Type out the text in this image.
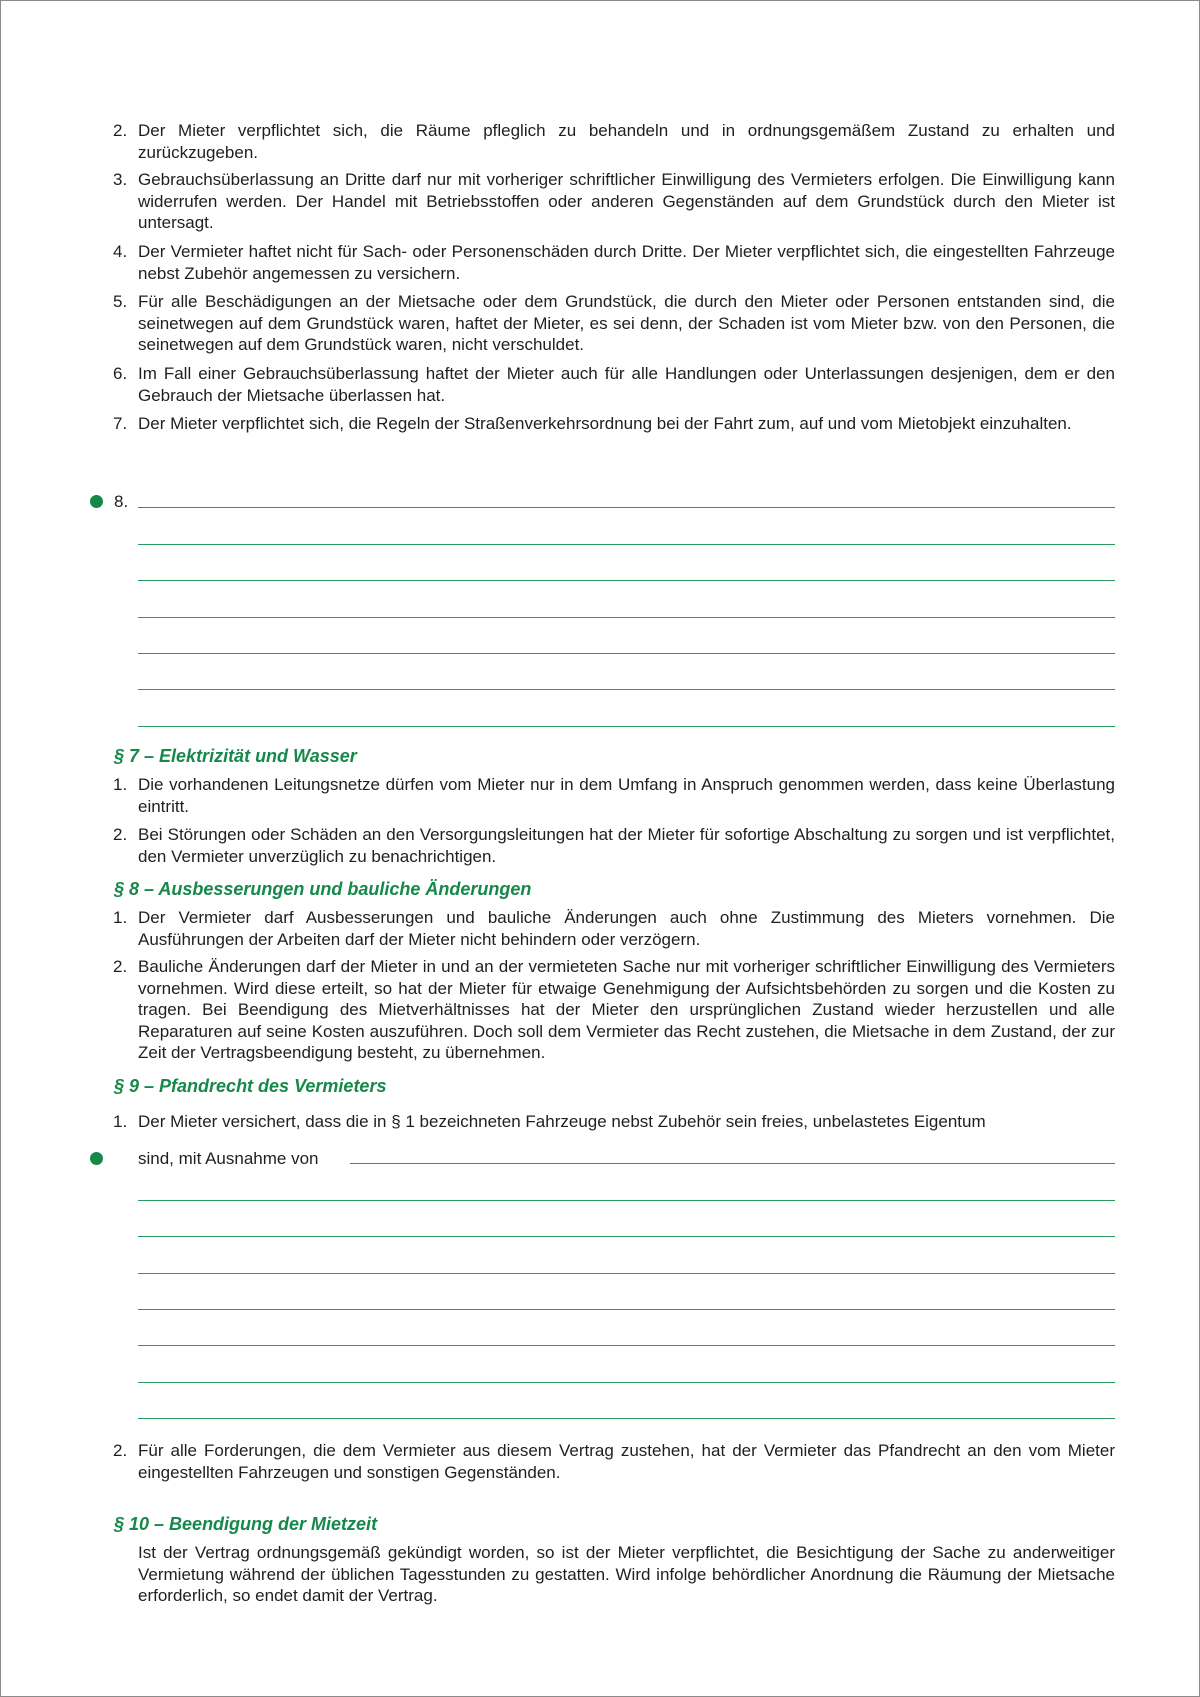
2. Der Mieter verpflichtet sich, die Räume pfleglich zu behandeln und in ordnungsgemäßem Zustand zu erhalten und zurückzugeben.
3. Gebrauchsüberlassung an Dritte darf nur mit vorheriger schriftlicher Einwilligung des Vermieters erfolgen. Die Einwilligung kann widerrufen werden. Der Handel mit Betriebsstoffen oder anderen Gegenständen auf dem Grundstück durch den Mieter ist untersagt.
4. Der Vermieter haftet nicht für Sach- oder Personenschäden durch Dritte. Der Mieter verpflichtet sich, die eingestellten Fahrzeuge nebst Zubehör angemessen zu versichern.
5. Für alle Beschädigungen an der Mietsache oder dem Grundstück, die durch den Mieter oder Personen entstanden sind, die seinetwegen auf dem Grundstück waren, haftet der Mieter, es sei denn, der Schaden ist vom Mieter bzw. von den Personen, die seinetwegen auf dem Grundstück waren, nicht verschuldet.
6. Im Fall einer Gebrauchsüberlassung haftet der Mieter auch für alle Handlungen oder Unterlassungen desjenigen, dem er den Gebrauch der Mietsache überlassen hat.
7. Der Mieter verpflichtet sich, die Regeln der Straßenverkehrsordnung bei der Fahrt zum, auf und vom Mietobjekt einzuhalten.
8.
§ 7 – Elektrizität und Wasser
1. Die vorhandenen Leitungsnetze dürfen vom Mieter nur in dem Umfang in Anspruch genommen werden, dass keine Überlastung eintritt.
2. Bei Störungen oder Schäden an den Versorgungsleitungen hat der Mieter für sofortige Abschaltung zu sorgen und ist verpflichtet, den Vermieter unverzüglich zu benachrichtigen.
§ 8 – Ausbesserungen und bauliche Änderungen
1. Der Vermieter darf Ausbesserungen und bauliche Änderungen auch ohne Zustimmung des Mieters vornehmen. Die Ausführungen der Arbeiten darf der Mieter nicht behindern oder verzögern.
2. Bauliche Änderungen darf der Mieter in und an der vermieteten Sache nur mit vorheriger schriftlicher Einwilligung des Vermieters vornehmen. Wird diese erteilt, so hat der Mieter für etwaige Genehmigung der Aufsichtsbehörden zu sorgen und die Kosten zu tragen. Bei Beendigung des Mietverhältnisses hat der Mieter den ursprünglichen Zustand wieder herzustellen und alle Reparaturen auf seine Kosten auszuführen. Doch soll dem Vermieter das Recht zustehen, die Mietsache in dem Zustand, der zur Zeit der Vertragsbeendigung besteht, zu übernehmen.
§ 9 – Pfandrecht des Vermieters
1. Der Mieter versichert, dass die in § 1 bezeichneten Fahrzeuge nebst Zubehör sein freies, unbelastetes Eigentum
sind, mit Ausnahme von
2. Für alle Forderungen, die dem Vermieter aus diesem Vertrag zustehen, hat der Vermieter das Pfandrecht an den vom Mieter eingestellten Fahrzeugen und sonstigen Gegenständen.
§ 10 – Beendigung der Mietzeit
Ist der Vertrag ordnungsgemäß gekündigt worden, so ist der Mieter verpflichtet, die Besichtigung der Sache zu anderweitiger Vermietung während der üblichen Tagesstunden zu gestatten. Wird infolge behördlicher Anordnung die Räumung der Mietsache erforderlich, so endet damit der Vertrag.
